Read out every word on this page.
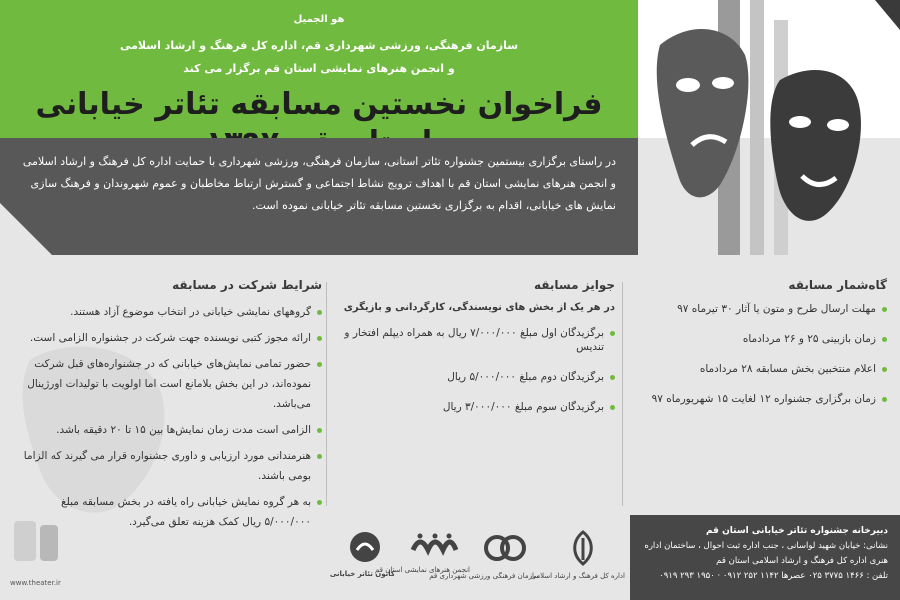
هو الجمیل
سازمان فرهنگی، ورزشی شهرداری قم، اداره کل فرهنگ و ارشاد اسلامی
و انجمن هنرهای نمایشی استان قم برگزار می کند
فراخوان نخستین مسابقه تئاتر خیابانی

در راستای برگزاری بیستمین جشنواره تئاتر استانی، سازمان فرهنگی، ورزشی شهرداری با حمایت اداره کل فرهنگ و ارشاد اسلامی و انجمن هنرهای نمایشی استان قم با اهداف ترویج نشاط اجتماعی و گسترش ارتباط مخاطبان و عموم شهروندان و فرهنگ سازی نمایش های خیابانی، اقدام به برگزاری نخستین مسابقه تئاتر خیابانی نموده است.

گاه‌شمار مسابقه
مهلت ارسال طرح و متون یا آثار ۳۰ تیرماه ۹۷
زمان بازبینی ۲۵ و ۲۶ مردادماه
اعلام منتخبین بخش مسابقه ۲۸ مردادماه
زمان برگزاری جشنواره ۱۲ لغایت ۱۵ شهریورماه ۹۷
جوایز مسابقه
در هر یک از بخش های نویسندگی، کارگردانی و بازیگری
برگزیدگان اول مبلغ ۷/۰۰۰/۰۰۰ ریال به همراه دیپلم افتخار و تندیس
برگزیدگان دوم مبلغ ۵/۰۰۰/۰۰۰ ریال
برگزیدگان سوم مبلغ ۳/۰۰۰/۰۰۰ ریال
شرایط شرکت در مسابقه
گروههای نمایشی خیابانی در انتخاب موضوع آزاد هستند.
ارائه مجوز کتبی نویسنده جهت شرکت در جشنواره الزامی است.
حضور تمامی نمایش‌های خیابانی که در جشنواره‌های قبل شرکت نموده‌اند، در این بخش بلامانع است اما اولویت با تولیدات اورژینال می‌باشد.
الزامی است مدت زمان نمایش‌ها بین ۱۵ تا ۲۰ دقیقه باشد.
هنرمندانی مورد ارزیابی و داوری جشنواره قرار می گیرند که الزاما بومی باشند.
به هر گروه نمایش خیابانی راه یافته در بخش مسابقه مبلغ ۵/۰۰۰/۰۰۰ ریال کمک هزینه تعلق می‌گیرد.
دبیرخانه جشنواره تئاتر خیابانی استان قم
نشانی: خیابان شهید لواسانی ، جنب اداره ثبت احوال ، ساختمان اداره هنری اداره کل فرهنگ و ارشاد اسلامی استان قم
تلفن : ۱۴۶۶ ۳۷۷۵ ۰۲۵ عصرها ۱۱۴۲ ۲۵۲ ۰۹۱۲ · ۱۹۵۰ ۲۹۳ ۰۹۱۹
اداره کل فرهنگ و ارشاد اسلامی
سازمان فرهنگی ورزشی شهرداری قم
انجمن هنرهای نمایشی استان قم
کانون تئاتر خیابانی
www.theater.ir
